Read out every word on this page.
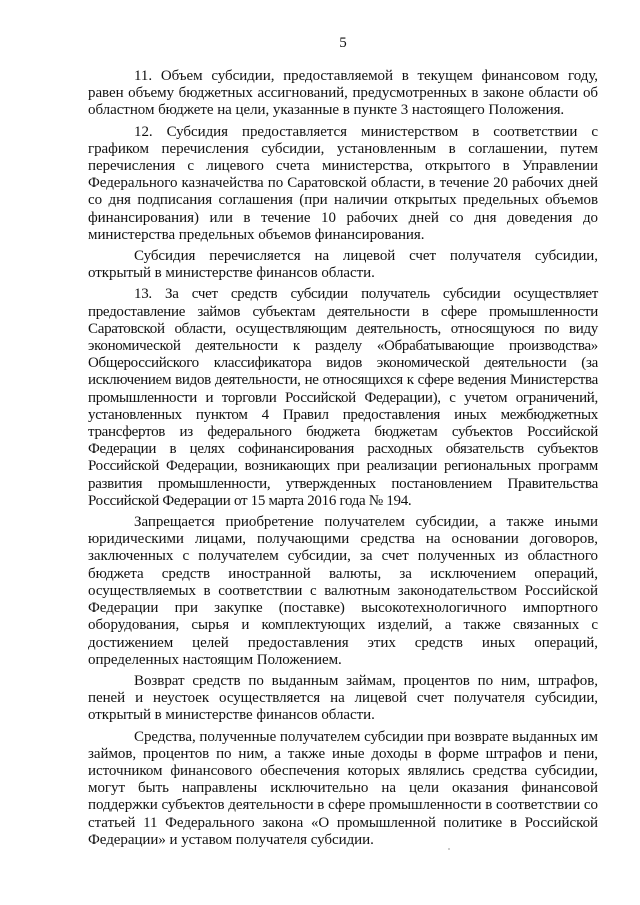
5

11. Объем субсидии, предоставляемой в текущем финансовом году, равен объему бюджетных ассигнований, предусмотренных в законе области об областном бюджете на цели, указанные в пункте 3 настоящего Положения.

12. Субсидия предоставляется министерством в соответствии с графиком перечисления субсидии, установленным в соглашении, путем перечисления с лицевого счета министерства, открытого в Управлении Федерального казначейства по Саратовской области, в течение 20 рабочих дней со дня подписания соглашения (при наличии открытых предельных объемов финансирования) или в течение 10 рабочих дней со дня доведения до министерства предельных объемов финансирования.

Субсидия перечисляется на лицевой счет получателя субсидии, открытый в министерстве финансов области.

13. За счет средств субсидии получатель субсидии осуществляет предоставление займов субъектам деятельности в сфере промышленности Саратовской области, осуществляющим деятельность, относящуюся по виду экономической деятельности к разделу «Обрабатывающие производства» Общероссийского классификатора видов экономической деятельности (за исключением видов деятельности, не относящихся к сфере ведения Министерства промышленности и торговли Российской Федерации), с учетом ограничений, установленных пунктом 4 Правил предоставления иных межбюджетных трансфертов из федерального бюджета бюджетам субъектов Российской Федерации в целях софинансирования расходных обязательств субъектов Российской Федерации, возникающих при реализации региональных программ развития промышленности, утвержденных постановлением Правительства Российской Федерации от 15 марта 2016 года № 194.

Запрещается приобретение получателем субсидии, а также иными юридическими лицами, получающими средства на основании договоров, заключенных с получателем субсидии, за счет полученных из областного бюджета средств иностранной валюты, за исключением операций, осуществляемых в соответствии с валютным законодательством Российской Федерации при закупке (поставке) высокотехнологичного импортного оборудования, сырья и комплектующих изделий, а также связанных с достижением целей предоставления этих средств иных операций, определенных настоящим Положением.

Возврат средств по выданным займам, процентов по ним, штрафов, пеней и неустоек осуществляется на лицевой счет получателя субсидии, открытый в министерстве финансов области.

Средства, полученные получателем субсидии при возврате выданных им займов, процентов по ним, а также иные доходы в форме штрафов и пени, источником финансового обеспечения которых являлись средства субсидии, могут быть направлены исключительно на цели оказания финансовой поддержки субъектов деятельности в сфере промышленности в соответствии со статьей 11 Федерального закона «О промышленной политике в Российской Федерации» и уставом получателя субсидии.
